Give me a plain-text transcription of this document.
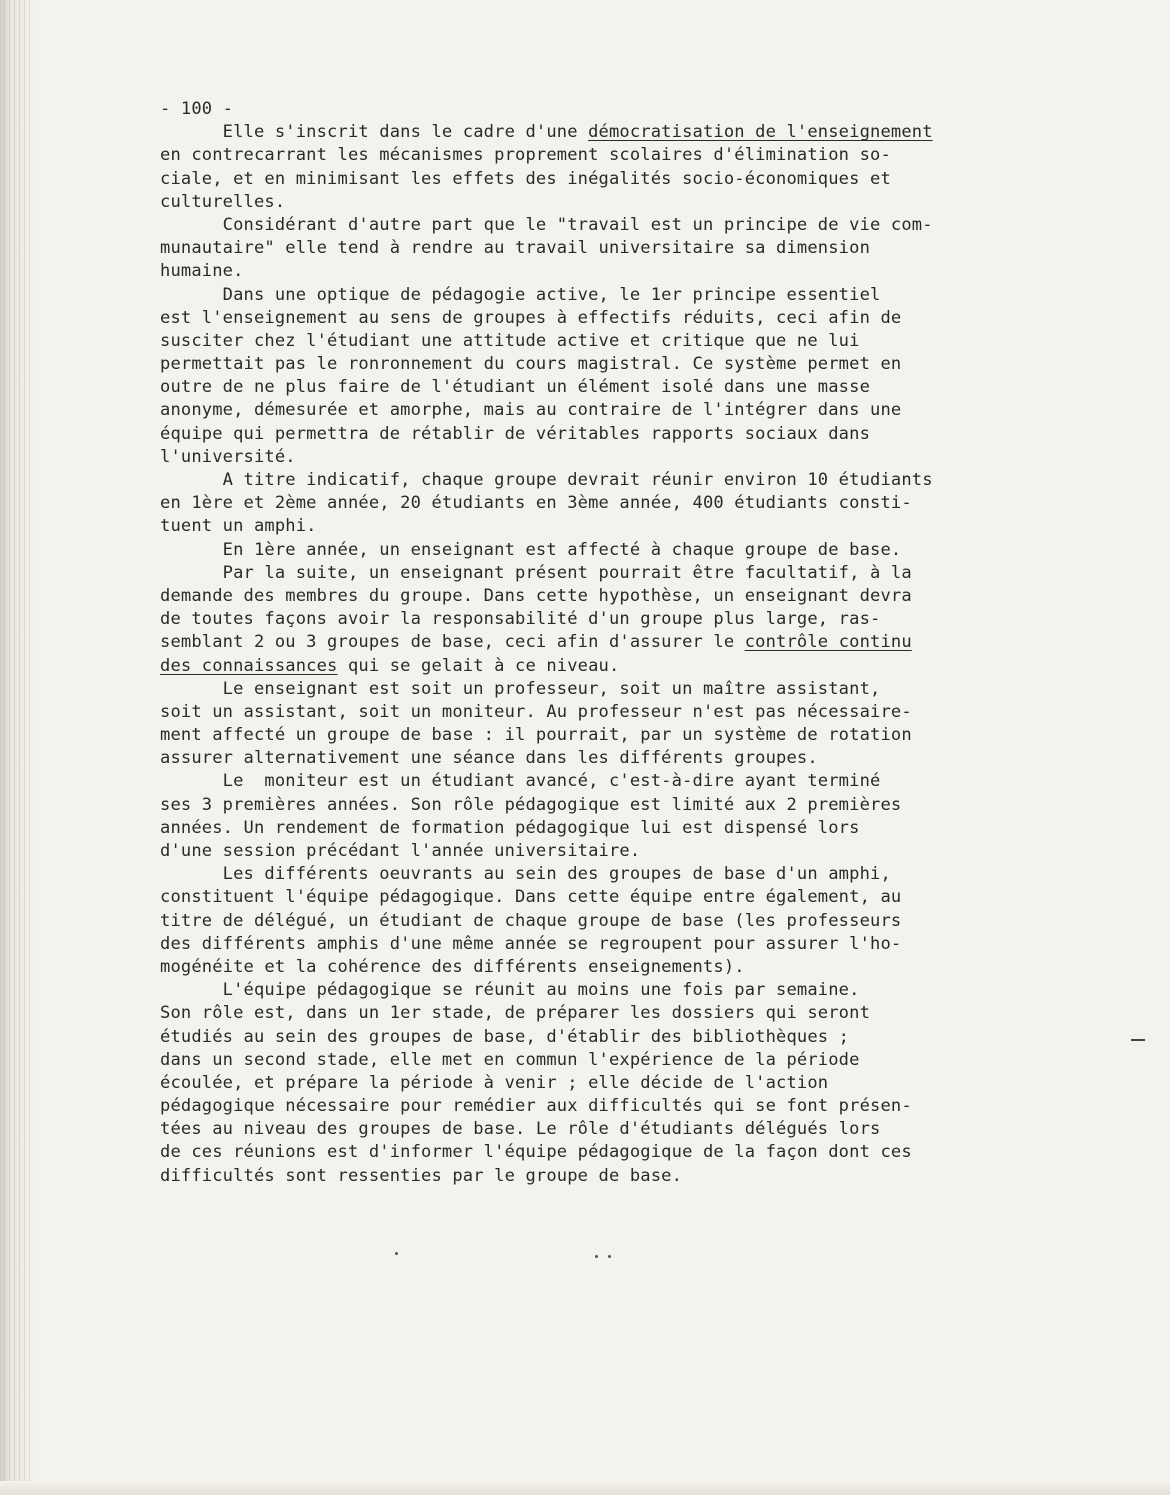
- 100 -
Elle s'inscrit dans le cadre d'une démocratisation de l'enseignement
en contrecarrant les mécanismes proprement scolaires d'élimination so-
ciale, et en minimisant les effets des inégalités socio-économiques et
culturelles.
Considérant d'autre part que le "travail est un principe de vie com-
munautaire" elle tend à rendre au travail universitaire sa dimension
humaine.
Dans une optique de pédagogie active, le 1er principe essentiel
est l'enseignement au sens de groupes à effectifs réduits, ceci afin de
susciter chez l'étudiant une attitude active et critique que ne lui
permettait pas le ronronnement du cours magistral. Ce système permet en
outre de ne plus faire de l'étudiant un élément isolé dans une masse
anonyme, démesurée et amorphe, mais au contraire de l'intégrer dans une
équipe qui permettra de rétablir de véritables rapports sociaux dans
l'université.
A titre indicatif, chaque groupe devrait réunir environ 10 étudiants
en 1ère et 2ème année, 20 étudiants en 3ème année, 400 étudiants consti-
tuent un amphi.
En 1ère année, un enseignant est affecté à chaque groupe de base.
Par la suite, un enseignant présent pourrait être facultatif, à la
demande des membres du groupe. Dans cette hypothèse, un enseignant devra
de toutes façons avoir la responsabilité d'un groupe plus large, ras-
semblant 2 ou 3 groupes de base, ceci afin d'assurer le contrôle continu
des connaissances qui se gelait à ce niveau.
Le enseignant est soit un professeur, soit un maître assistant,
soit un assistant, soit un moniteur. Au professeur n'est pas nécessaire-
ment affecté un groupe de base : il pourrait, par un système de rotation
assurer alternativement une séance dans les différents groupes.
Le  moniteur est un étudiant avancé, c'est-à-dire ayant terminé
ses 3 premières années. Son rôle pédagogique est limité aux 2 premières
années. Un rendement de formation pédagogique lui est dispensé lors
d'une session précédant l'année universitaire.
Les différents oeuvrants au sein des groupes de base d'un amphi,
constituent l'équipe pédagogique. Dans cette équipe entre également, au
titre de délégué, un étudiant de chaque groupe de base (les professeurs
des différents amphis d'une même année se regroupent pour assurer l'ho-
mogénéite et la cohérence des différents enseignements).
L'équipe pédagogique se réunit au moins une fois par semaine.
Son rôle est, dans un 1er stade, de préparer les dossiers qui seront
étudiés au sein des groupes de base, d'établir des bibliothèques ;
dans un second stade, elle met en commun l'expérience de la période
écoulée, et prépare la période à venir ; elle décide de l'action
pédagogique nécessaire pour remédier aux difficultés qui se font présen-
tées au niveau des groupes de base. Le rôle d'étudiants délégués lors
de ces réunions est d'informer l'équipe pédagogique de la façon dont ces
difficultés sont ressenties par le groupe de base.
